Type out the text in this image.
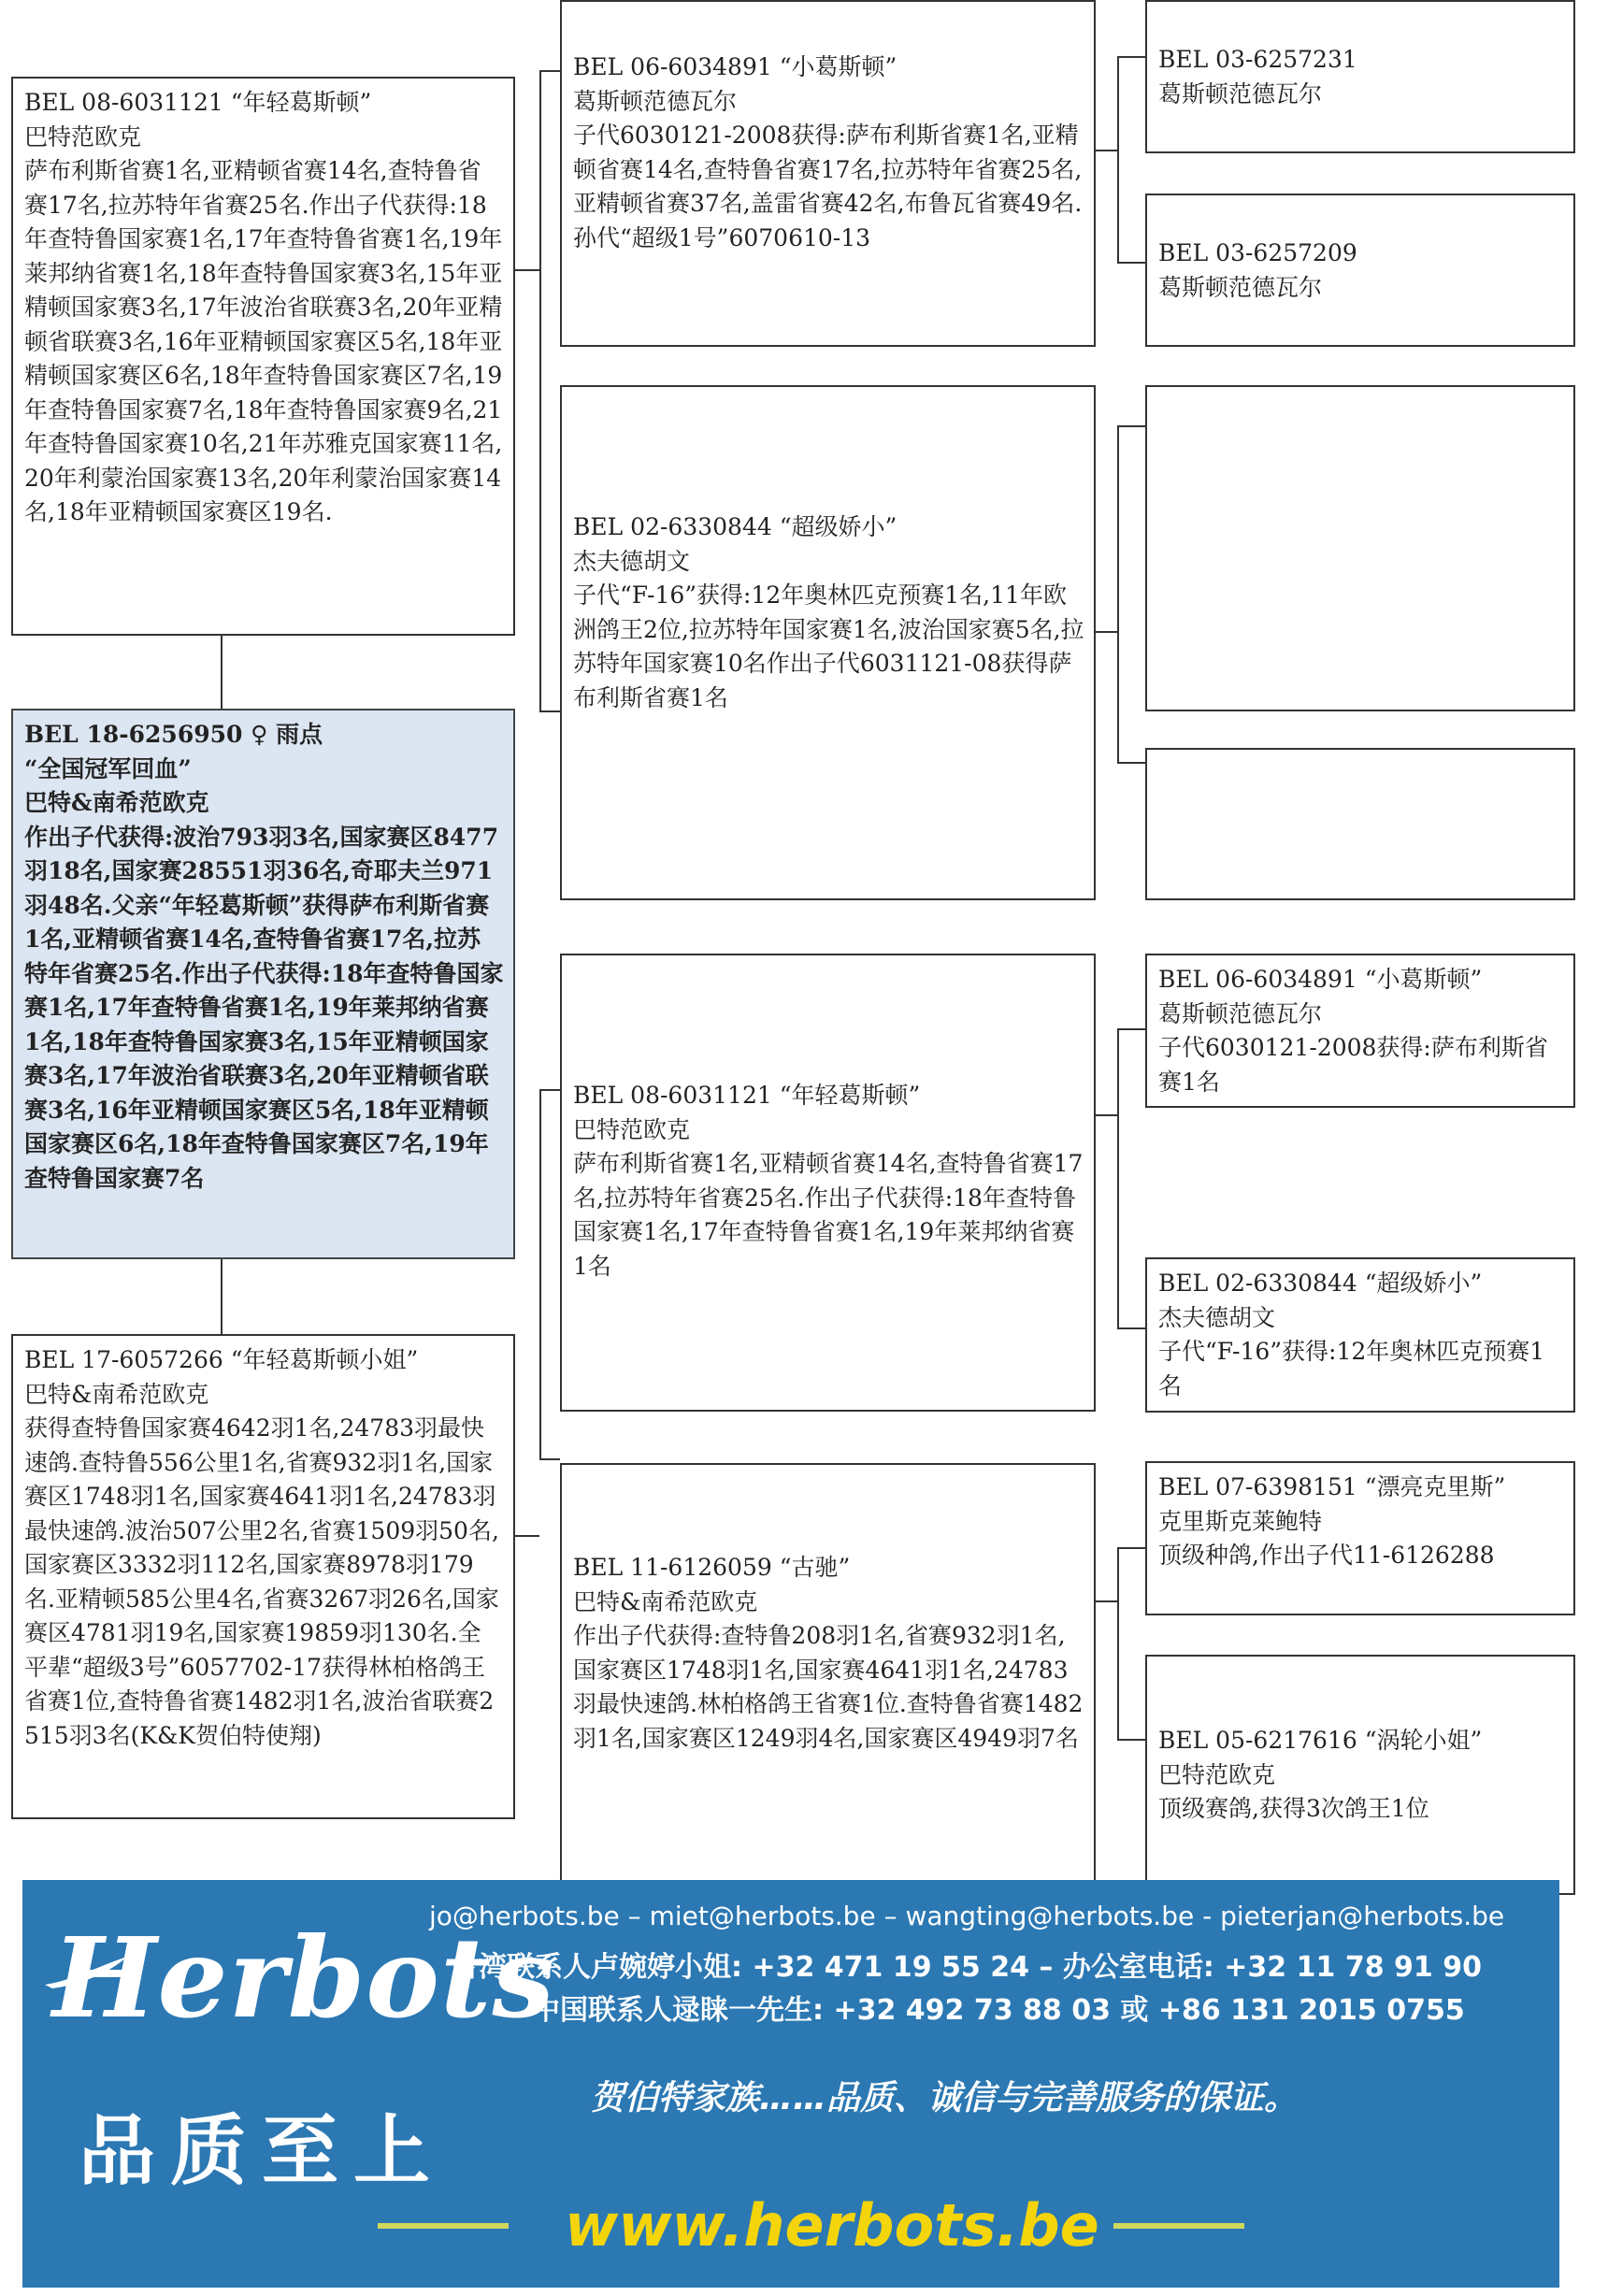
BEL 08-6031121 “年轻葛斯顿”
巴特范欧克
萨布利斯省赛1名,亚精顿省赛14名,查特鲁省赛17名,拉苏特年省赛25名.作出子代获得:18年查特鲁国家赛1名,17年查特鲁省赛1名,19年莱邦纳省赛1名,18年查特鲁国家赛3名,15年亚精顿国家赛3名,17年波治省联赛3名,20年亚精顿省联赛3名,16年亚精顿国家赛区5名,18年亚精顿国家赛区6名,18年查特鲁国家赛区7名,19年查特鲁国家赛7名,18年查特鲁国家赛9名,21年查特鲁国家赛10名,21年苏雅克国家赛11名,20年利蒙治国家赛13名,20年利蒙治国家赛14名,18年亚精顿国家赛区19名.
BEL 18-6256950 ♀ 雨点
“全国冠军回血”
巴特&南希范欧克
作出子代获得:波治793羽3名,国家赛区8477羽18名,国家赛28551羽36名,奇耶夫兰971羽48名.父亲“年轻葛斯顿”获得萨布利斯省赛1名,亚精顿省赛14名,查特鲁省赛17名,拉苏特年省赛25名.作出子代获得:18年查特鲁国家赛1名,17年查特鲁省赛1名,19年莱邦纳省赛1名,18年查特鲁国家赛3名,15年亚精顿国家赛3名,17年波治省联赛3名,20年亚精顿省联赛3名,16年亚精顿国家赛区5名,18年亚精顿国家赛区6名,18年查特鲁国家赛区7名,19年查特鲁国家赛7名
BEL 17-6057266 “年轻葛斯顿小姐”
巴特&南希范欧克
获得查特鲁国家赛4642羽1名,24783羽最快速鸽.查特鲁556公里1名,省赛932羽1名,国家赛区1748羽1名,国家赛4641羽1名,24783羽最快速鸽.波治507公里2名,省赛1509羽50名,国家赛区3332羽112名,国家赛8978羽179名.亚精顿585公里4名,省赛3267羽26名,国家赛区4781羽19名,国家赛19859羽130名.全平辈“超级3号”6057702-17获得林柏格鸽王省赛1位,查特鲁省赛1482羽1名,波治省联赛2515羽3名(K&K贺伯特使翔)
BEL 06-6034891 “小葛斯顿”
葛斯顿范德瓦尔
子代6030121-2008获得:萨布利斯省赛1名,亚精顿省赛14名,查特鲁省赛17名,拉苏特年省赛25名,亚精顿省赛37名,盖雷省赛42名,布鲁瓦省赛49名.
孙代“超级1号”6070610-13
BEL 02-6330844 “超级娇小”
杰夫德胡文
子代“F-16”获得:12年奥林匹克预赛1名,11年欧洲鸽王2位,拉苏特年国家赛1名,波治国家赛5名,拉苏特年国家赛10名作出子代6031121-08获得萨布利斯省赛1名
BEL 08-6031121 “年轻葛斯顿”
巴特范欧克
萨布利斯省赛1名,亚精顿省赛14名,查特鲁省赛17名,拉苏特年省赛25名.作出子代获得:18年查特鲁国家赛1名,17年查特鲁省赛1名,19年莱邦纳省赛1名
BEL 11-6126059 “古驰”
巴特&南希范欧克
作出子代获得:查特鲁208羽1名,省赛932羽1名,国家赛区1748羽1名,国家赛4641羽1名,24783羽最快速鸽.林柏格鸽王省赛1位.查特鲁省赛1482羽1名,国家赛区1249羽4名,国家赛区4949羽7名
BEL 03-6257231
葛斯顿范德瓦尔
BEL 03-6257209
葛斯顿范德瓦尔
BEL 06-6034891 “小葛斯顿”
葛斯顿范德瓦尔
子代6030121-2008获得:萨布利斯省赛1名
BEL 02-6330844 “超级娇小”
杰夫德胡文
子代“F-16”获得:12年奥林匹克预赛1名
BEL 07-6398151 “漂亮克里斯”
克里斯克莱鲍特
顶级种鸽,作出子代11-6126288
BEL 05-6217616 “涡轮小姐”
巴特范欧克
顶级赛鸽,获得3次鸽王1位
Herbots
品质至上
jo@herbots.be – miet@herbots.be – wangting@herbots.be - pieterjan@herbots.be
台湾联系人卢婉婷小姐: +32 471 19 55 24 – 办公室电话: +32 11 78 91 90
中国联系人逯睐一先生: +32 492 73 88 03 或 +86 131 2015 0755
贺伯特家族……品质、诚信与完善服务的保证。
www.herbots.be
